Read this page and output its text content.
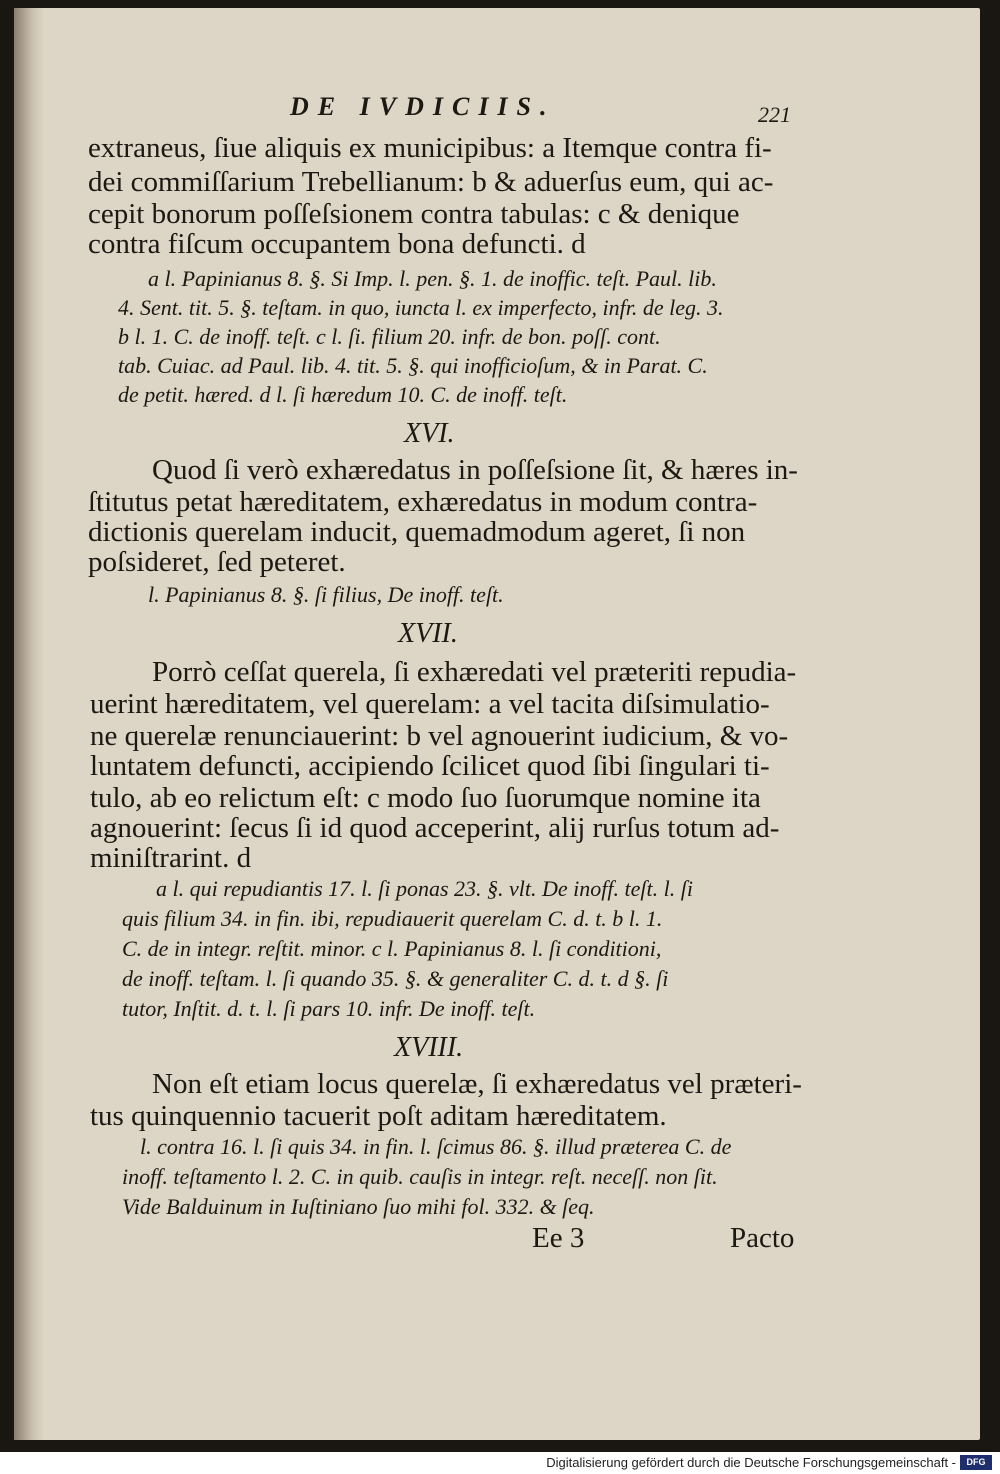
DE IVDICIIS.	221
extraneus, ſiue aliquis ex municipibus: a Itemque contra fi-
dei commiſſarium Trebellianum: b & aduerſus eum, qui ac-
cepit bonorum poſſeſsionem contra tabulas: c & denique
contra fiſcum occupantem bona defuncti. d
a l. Papinianus 8. §. Si Imp. l. pen. §. 1. de inoffic. teſt. Paul. lib.
4. Sent. tit. 5. §. teſtam. in quo, iuncta l. ex imperfecto, infr. de leg. 3.
b l. 1. C. de inoff. teſt. c l. ſi. filium 20. infr. de bon. poſſ. cont.
tab. Cuiac. ad Paul. lib. 4. tit. 5. §. qui inofficioſum, & in Parat. C.
de petit. hæred. d l. ſi hæredum 10. C. de inoff. teſt.
XVI.
Quod ſi verò exhæredatus in poſſeſsione ſit, & hæres in-
ſtitutus petat hæreditatem, exhæredatus in modum contra-
dictionis querelam inducit, quemadmodum ageret, ſi non
poſsideret, ſed peteret.
l. Papinianus 8. §. ſi filius, De inoff. teſt.
XVII.
Porrò ceſſat querela, ſi exhæredati vel præteriti repudia-
uerint hæreditatem, vel querelam: a vel tacita diſsimulatio-
ne querelæ renunciauerint: b vel agnouerint iudicium, & vo-
luntatem defuncti, accipiendo ſcilicet quod ſibi ſingulari ti-
tulo, ab eo relictum eſt: c modo ſuo ſuorumque nomine ita
agnouerint: ſecus ſi id quod acceperint, alij rurſus totum ad-
miniſtrarint. d
a l. qui repudiantis 17. l. ſi ponas 23. §. vlt. De inoff. teſt. l. ſi
quis filium 34. in fin. ibi, repudiauerit querelam C. d. t. b l. 1.
C. de in integr. reſtit. minor. c l. Papinianus 8. l. ſi conditioni,
de inoff. teſtam. l. ſi quando 35. §. & generaliter C. d. t. d §. ſi
tutor, Inſtit. d. t. l. ſi pars 10. infr. De inoff. teſt.
XVIII.
Non eſt etiam locus querelæ, ſi exhæredatus vel præteri-
tus quinquennio tacuerit poſt aditam hæreditatem.
l. contra 16. l. ſi quis 34. in fin. l. ſcimus 86. §. illud præterea C. de
inoff. teſtamento l. 2. C. in quib. cauſis in integr. reſt. neceſſ. non ſit.
Vide Balduinum in Iuſtiniano ſuo mihi fol. 332. & ſeq.
Ee 3	Pacto
Digitalisierung gefördert durch die Deutsche Forschungsgemeinschaft -	DFG
